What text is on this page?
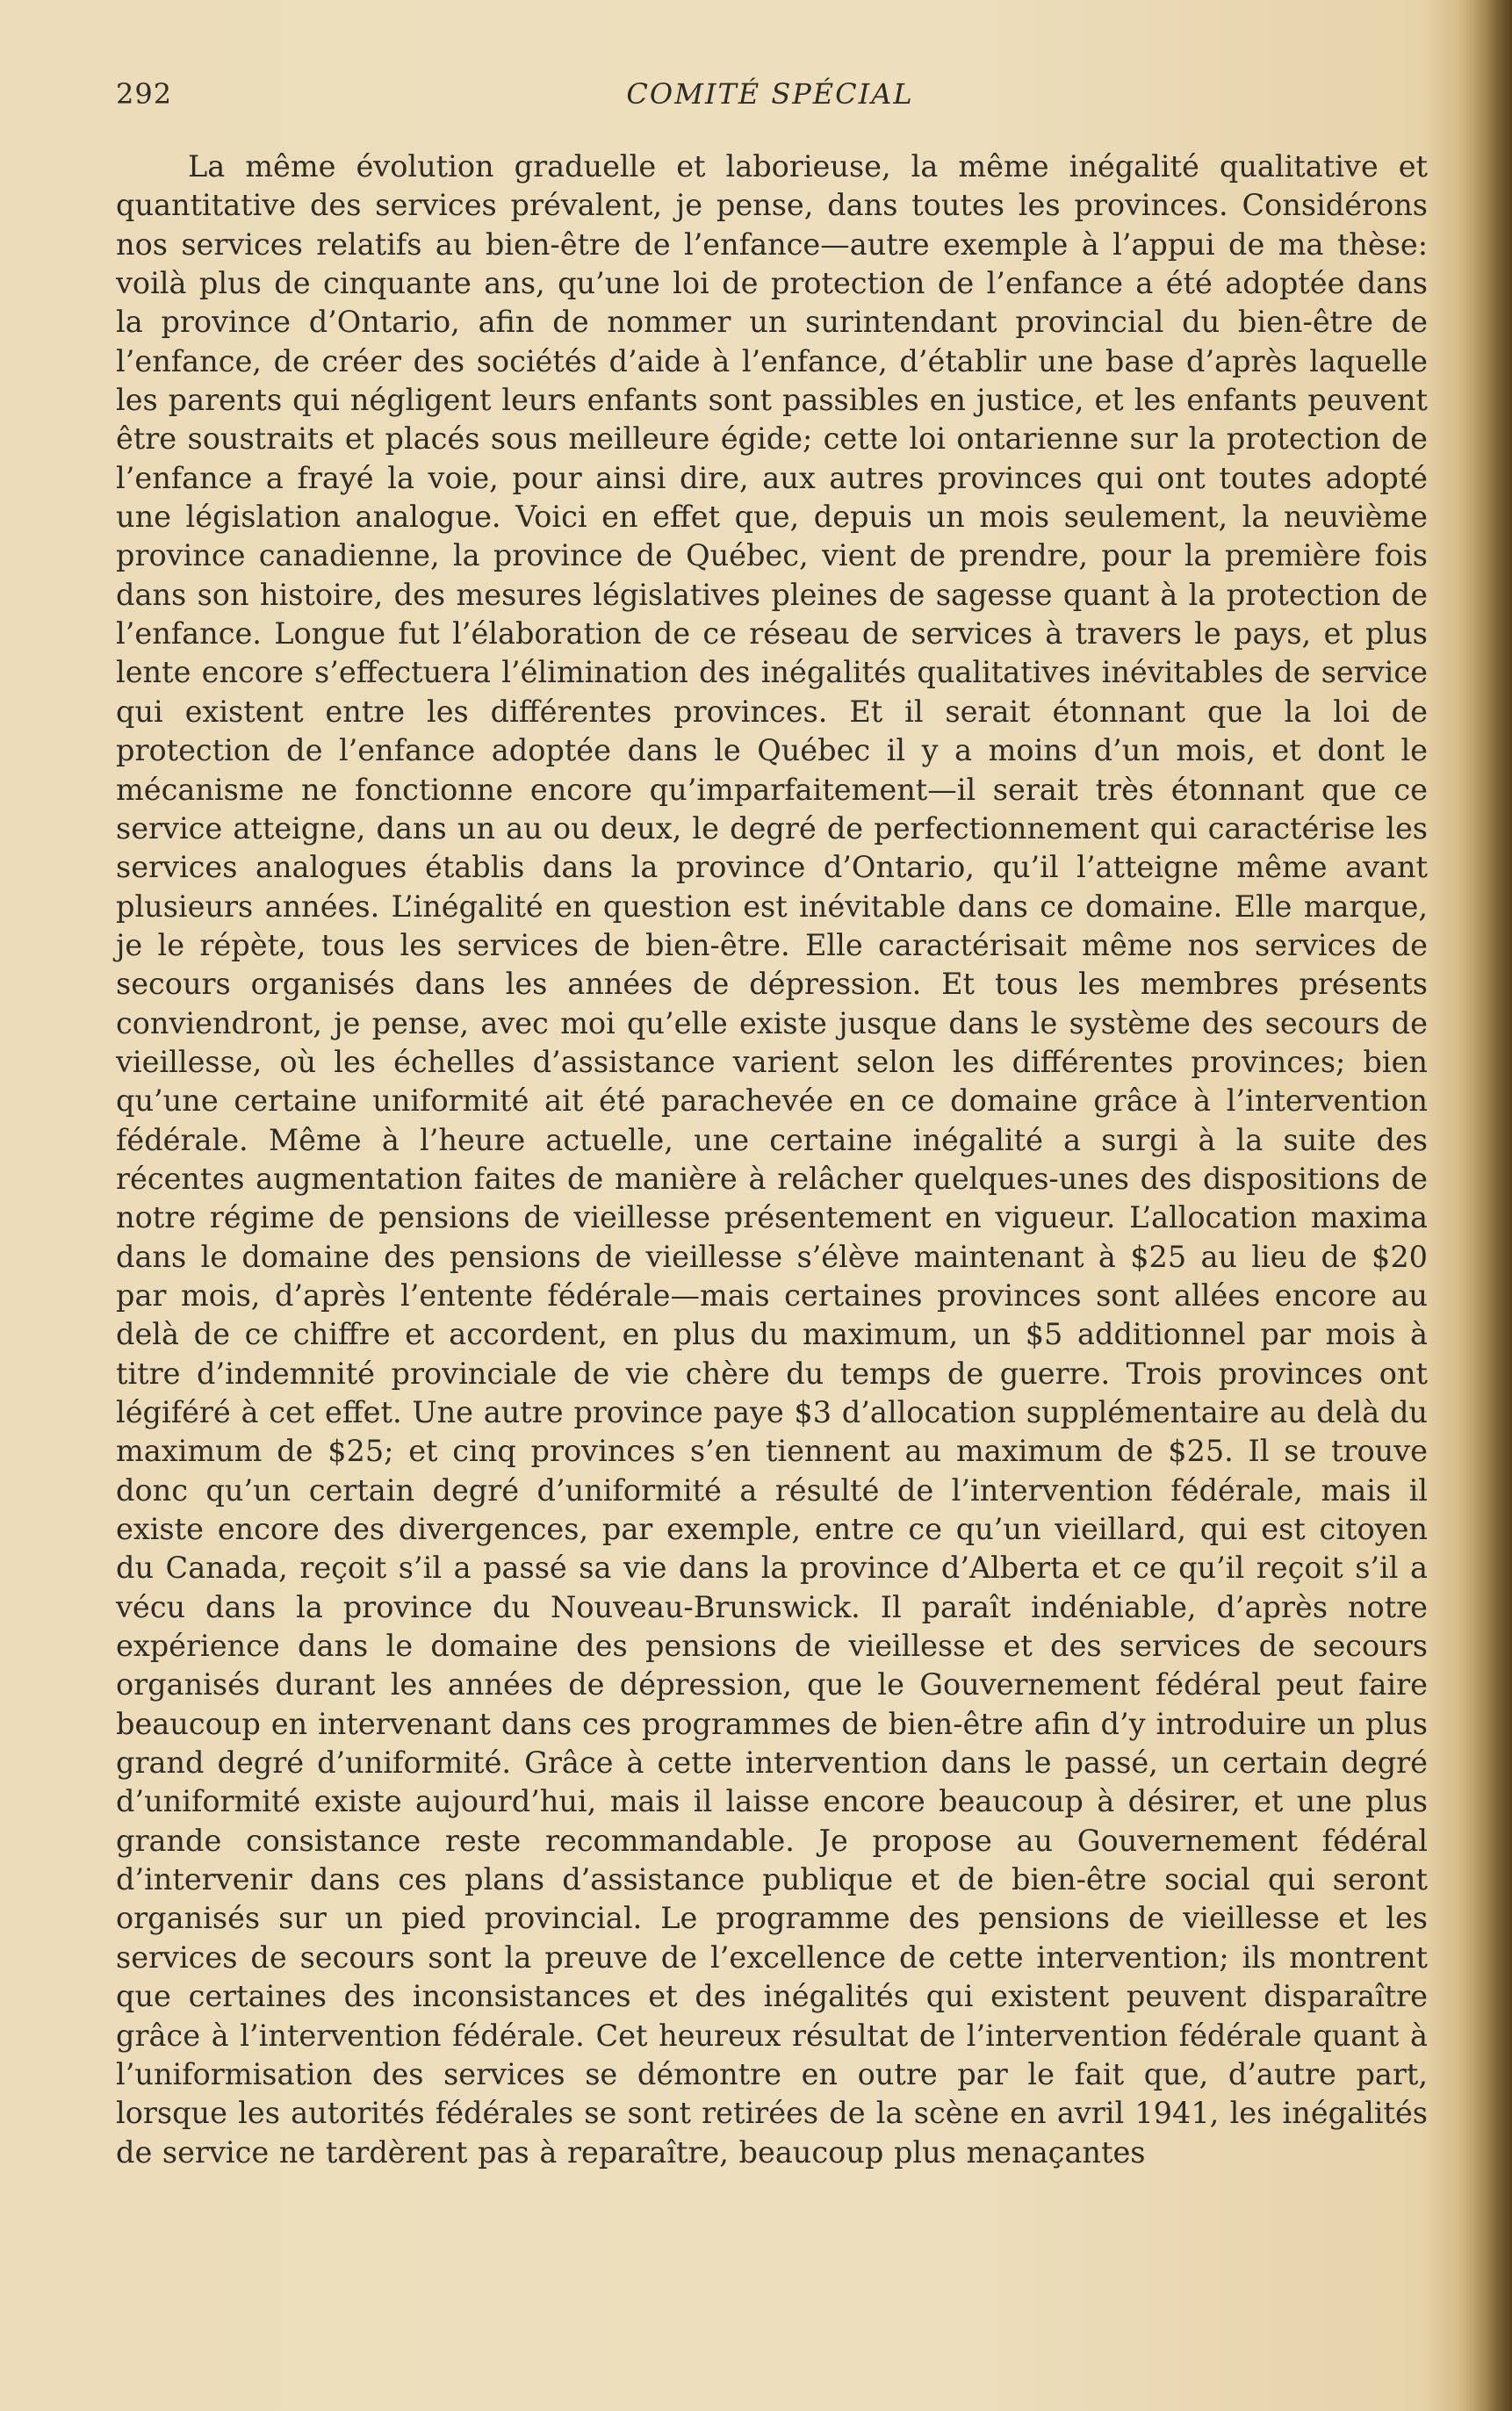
292	COMITÉ SPÉCIAL

La même évolution graduelle et laborieuse, la même inégalité qualitative et quantitative des services prévalent, je pense, dans toutes les provinces. Considérons nos services relatifs au bien-être de l’enfance—autre exemple à l’appui de ma thèse: voilà plus de cinquante ans, qu’une loi de protection de l’enfance a été adoptée dans la province d’Ontario, afin de nommer un surintendant provincial du bien-être de l’enfance, de créer des sociétés d’aide à l’enfance, d’établir une base d’après laquelle les parents qui négligent leurs enfants sont passibles en justice, et les enfants peuvent être soustraits et placés sous meilleure égide; cette loi ontarienne sur la protection de l’enfance a frayé la voie, pour ainsi dire, aux autres provinces qui ont toutes adopté une législation analogue. Voici en effet que, depuis un mois seulement, la neuvième province canadienne, la province de Québec, vient de prendre, pour la première fois dans son histoire, des mesures législatives pleines de sagesse quant à la protection de l’enfance. Longue fut l’élaboration de ce réseau de services à travers le pays, et plus lente encore s’effectuera l’élimination des inégalités qualitatives inévitables de service qui existent entre les différentes provinces. Et il serait étonnant que la loi de protection de l’enfance adoptée dans le Québec il y a moins d’un mois, et dont le mécanisme ne fonctionne encore qu’imparfaitement—il serait très étonnant que ce service atteigne, dans un au ou deux, le degré de perfectionnement qui caractérise les services analogues établis dans la province d’Ontario, qu’il l’atteigne même avant plusieurs années. L’inégalité en question est inévitable dans ce domaine. Elle marque, je le répète, tous les services de bien-être. Elle caractérisait même nos services de secours organisés dans les années de dépression. Et tous les membres présents conviendront, je pense, avec moi qu’elle existe jusque dans le système des secours de vieillesse, où les échelles d’assistance varient selon les différentes provinces; bien qu’une certaine uniformité ait été parachevée en ce domaine grâce à l’intervention fédérale. Même à l’heure actuelle, une certaine inégalité a surgi à la suite des récentes augmentation faites de manière à relâcher quelques-unes des dispositions de notre régime de pensions de vieillesse présentement en vigueur. L’allocation maxima dans le domaine des pensions de vieillesse s’élève maintenant à $25 au lieu de $20 par mois, d’après l’entente fédérale—mais certaines provinces sont allées encore au delà de ce chiffre et accordent, en plus du maximum, un $5 additionnel par mois à titre d’indemnité provinciale de vie chère du temps de guerre. Trois provinces ont légiféré à cet effet. Une autre province paye $3 d’allocation supplémentaire au delà du maximum de $25; et cinq provinces s’en tiennent au maximum de $25. Il se trouve donc qu’un certain degré d’uniformité a résulté de l’intervention fédérale, mais il existe encore des divergences, par exemple, entre ce qu’un vieillard, qui est citoyen du Canada, reçoit s’il a passé sa vie dans la province d’Alberta et ce qu’il reçoit s’il a vécu dans la province du Nouveau-Brunswick. Il paraît indéniable, d’après notre expérience dans le domaine des pensions de vieillesse et des services de secours organisés durant les années de dépression, que le Gouvernement fédéral peut faire beaucoup en intervenant dans ces programmes de bien-être afin d’y introduire un plus grand degré d’uniformité. Grâce à cette intervention dans le passé, un certain degré d’uniformité existe aujourd’hui, mais il laisse encore beaucoup à désirer, et une plus grande consistance reste recommandable. Je propose au Gouvernement fédéral d’intervenir dans ces plans d’assistance publique et de bien-être social qui seront organisés sur un pied provincial. Le programme des pensions de vieillesse et les services de secours sont la preuve de l’excellence de cette intervention; ils montrent que certaines des inconsistances et des inégalités qui existent peuvent disparaître grâce à l’intervention fédérale. Cet heureux résultat de l’intervention fédérale quant à l’uniformisation des services se démontre en outre par le fait que, d’autre part, lorsque les autorités fédérales se sont retirées de la scène en avril 1941, les inégalités de service ne tardèrent pas à reparaître, beaucoup plus menaçantes
